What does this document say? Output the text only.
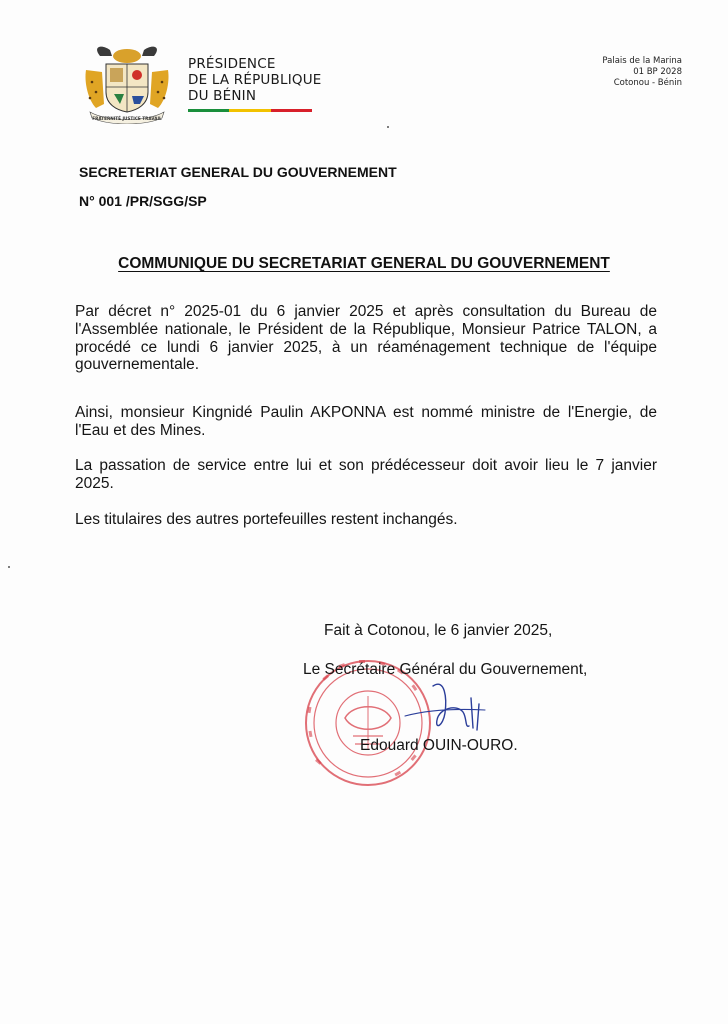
FRATERNITÉ JUSTICE TRAVAIL
PRÉSIDENCE
DE LA RÉPUBLIQUE
DU BÉNIN
Palais de la Marina
01 BP 2028
Cotonou - Bénin
SECRETERIAT GENERAL DU GOUVERNEMENT
N° 001 /PR/SGG/SP
COMMUNIQUE DU SECRETARIAT GENERAL DU GOUVERNEMENT
Par décret n° 2025-01 du 6 janvier 2025 et après consultation du Bureau de l'Assemblée nationale, le Président de la République, Monsieur Patrice TALON, a procédé ce lundi 6 janvier 2025, à un réaménagement technique de l'équipe gouvernementale.
Ainsi, monsieur Kingnidé Paulin AKPONNA est nommé ministre de l'Energie, de l'Eau et des Mines.
La passation de service entre lui et son prédécesseur doit avoir lieu le 7 janvier 2025.
Les titulaires des autres portefeuilles restent inchangés.
Fait à Cotonou, le 6 janvier 2025,
Le Secrétaire Général du Gouvernement,
Edouard OUIN-OURO.
